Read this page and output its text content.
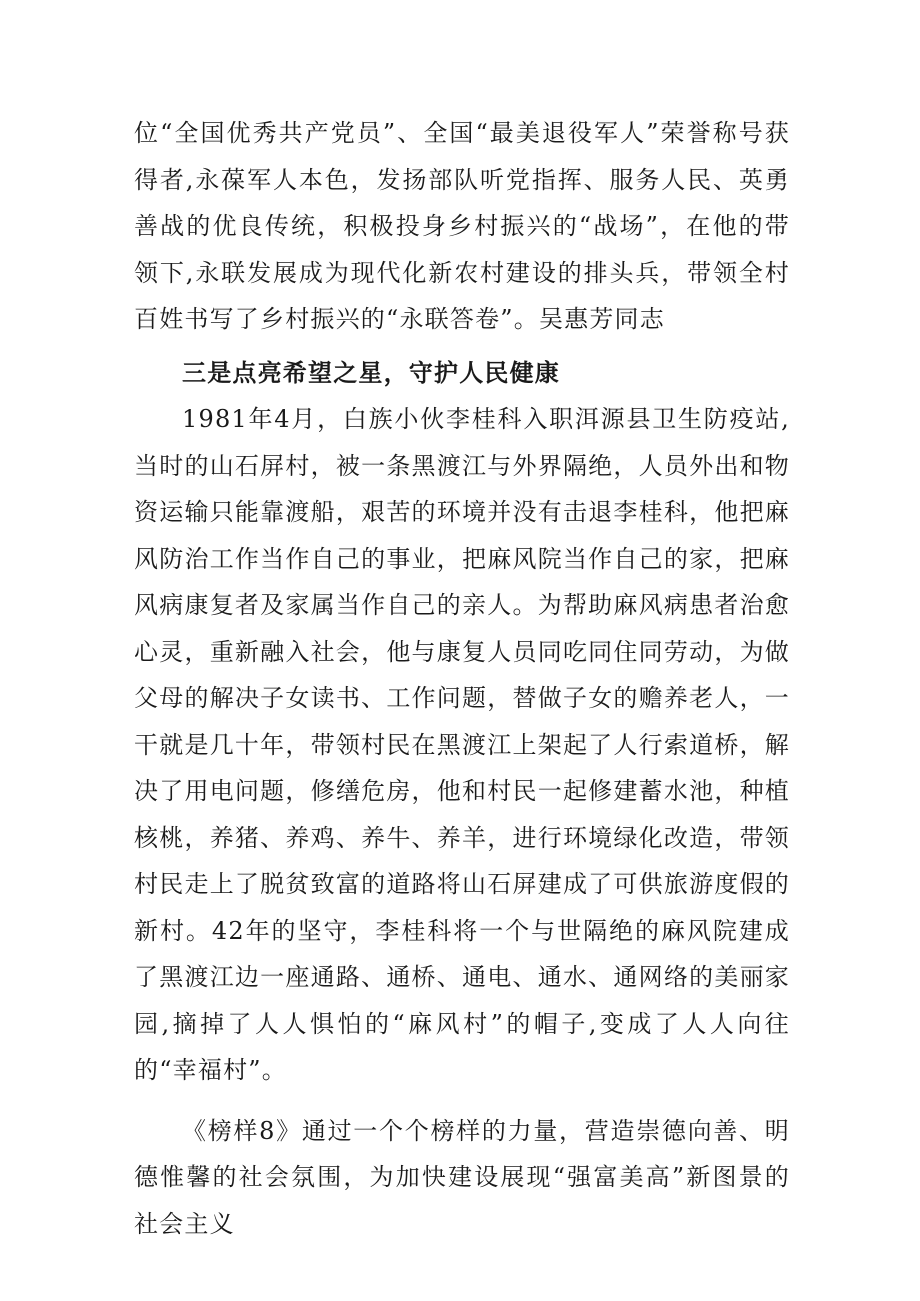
位“全国优秀共产党员”、全国“最美退役军人”荣誉称号获得者,永葆军人本色，发扬部队听党指挥、服务人民、英勇善战的优良传统，积极投身乡村振兴的“战场”，在他的带领下,永联发展成为现代化新农村建设的排头兵，带领全村百姓书写了乡村振兴的“永联答卷”。吴惠芳同志

三是点亮希望之星，守护人民健康

1981年4月，白族小伙李桂科入职洱源县卫生防疫站,当时的山石屏村，被一条黑渡江与外界隔绝，人员外出和物资运输只能靠渡船，艰苦的环境并没有击退李桂科，他把麻风防治工作当作自己的事业，把麻风院当作自己的家，把麻风病康复者及家属当作自己的亲人。为帮助麻风病患者治愈心灵，重新融入社会，他与康复人员同吃同住同劳动，为做父母的解决子女读书、工作问题，替做子女的赡养老人，一干就是几十年，带领村民在黑渡江上架起了人行索道桥，解决了用电问题，修缮危房，他和村民一起修建蓄水池，种植核桃，养猪、养鸡、养牛、养羊，进行环境绿化改造，带领村民走上了脱贫致富的道路将山石屏建成了可供旅游度假的新村。42年的坚守，李桂科将一个与世隔绝的麻风院建成了黑渡江边一座通路、通桥、通电、通水、通网络的美丽家园,摘掉了人人惧怕的“麻风村”的帽子,变成了人人向往的“幸福村”。

《榜样8》通过一个个榜样的力量，营造崇德向善、明德惟馨的社会氛围，为加快建设展现“强富美高”新图景的社会主义
